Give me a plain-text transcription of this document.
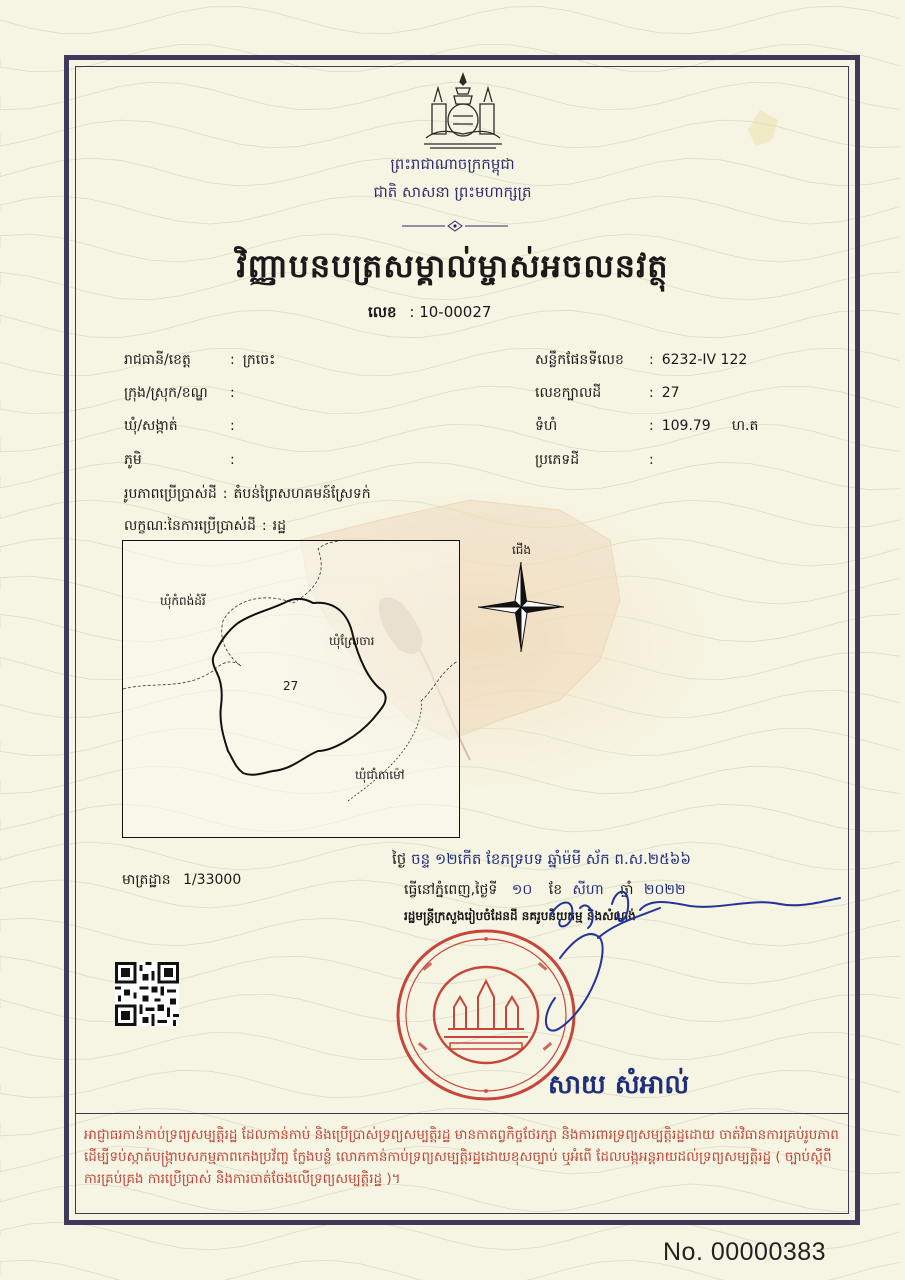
ព្រះរាជាណាចក្រកម្ពុជា
ជាតិ សាសនា ព្រះមហាក្សត្រ
វិញ្ញាបនបត្រសម្គាល់ម្ចាស់អចលនវត្ថុ
លេខ : 10-00027
រាជធានី/ខេត្ត	: ក្រចេះ
ក្រុង/ស្រុក/ខណ្ឌ :
ឃុំ/សង្កាត់	:
ភូមិ	:
សន្លឹកផែនទីលេខ : 6232-IV 122
លេខក្បាលដី	: 27
ទំហំ	: 109.79 ហ.ត
ប្រភេទដី	:
រូបភាពប្រើប្រាស់ដី : តំបន់ព្រៃសហគមន៍ស្រែទក់
លក្ខណៈនៃការប្រើប្រាស់ដី : រដ្ឋ
ឃុំកំពង់ដំរី
ឃុំស្រែចារ
ឃុំជាំតាម៉ៅ
27
ជើង
មាត្រដ្ឋាន 1/33000
ថ្ងៃ ចន្ទ ១២កើត ខែភទ្របទ ឆ្នាំម៉មី ស័ក ព.ស.២៥៦៦
ធ្វើនៅភ្នំពេញ,ថ្ងៃទី ១០ ខែ សីហា ឆ្នាំ ២០២២
រដ្ឋមន្ត្រីក្រសួងរៀបចំដែនដី នគរូបនីយកម្ម និងសំណង់
សាយ សំអាល់
អាជ្ញាធរកាន់កាប់ទ្រព្យសម្បត្តិរដ្ឋ ដែលកាន់កាប់ និងប្រើប្រាស់ទ្រព្យសម្បត្តិរដ្ឋ មានកាតព្វកិច្ចថែរក្សា និងការពារទ្រព្យសម្បត្តិរដ្ឋដោយ ចាត់វិធានការគ្រប់រូបភាព ដើម្បីទប់ស្កាត់បង្ក្រាបសកម្មភាពកេងប្រវ័ញ្ច ក្លែងបន្លំ លោភកាន់កាប់ទ្រព្យសម្បត្តិរដ្ឋដោយខុសច្បាប់ ឬអំពើ ដែលបង្កអន្តរាយដល់ទ្រព្យសម្បត្តិរដ្ឋ ( ច្បាប់ស្តីពីការគ្រប់គ្រង ការប្រើប្រាស់ និងការចាត់ចែងលើទ្រព្យសម្បត្តិរដ្ឋ )។
No. 00000383
